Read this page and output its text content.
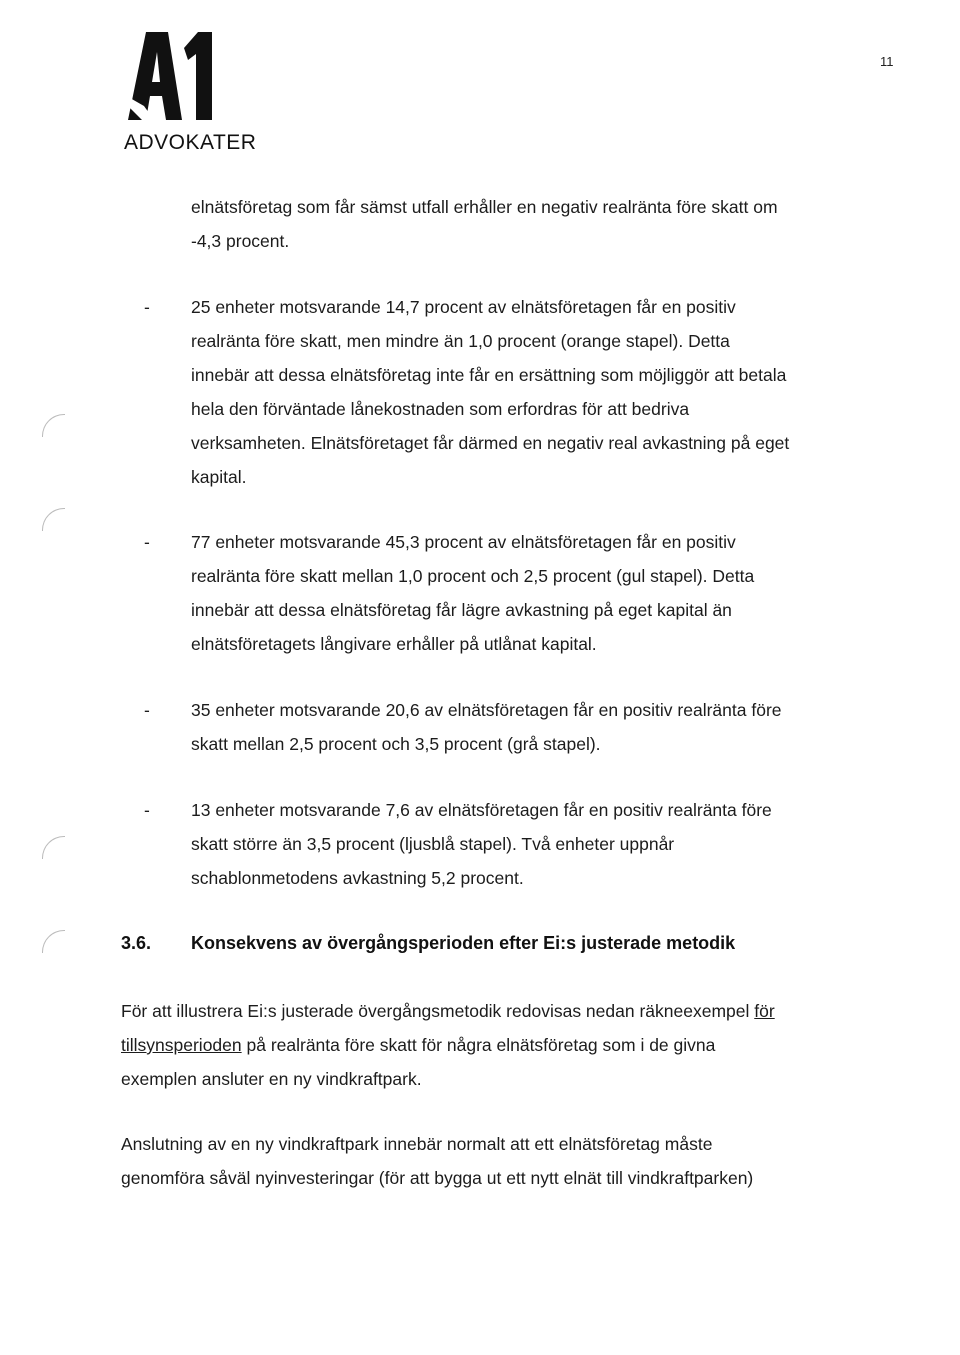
ADVOKATER
11
elnätsföretag som får sämst utfall erhåller en negativ realränta före skatt om
-4,3 procent.
- 25 enheter motsvarande 14,7 procent av elnätsföretagen får en positiv
realränta före skatt, men mindre än 1,0 procent (orange stapel). Detta
innebär att dessa elnätsföretag inte får en ersättning som möjliggör att betala
hela den förväntade lånekostnaden som erfordras för att bedriva
verksamheten. Elnätsföretaget får därmed en negativ real avkastning på eget
kapital.
- 77 enheter motsvarande 45,3 procent av elnätsföretagen får en positiv
realränta före skatt mellan 1,0 procent och 2,5 procent (gul stapel). Detta
innebär att dessa elnätsföretag får lägre avkastning på eget kapital än
elnätsföretagets långivare erhåller på utlånat kapital.
- 35 enheter motsvarande 20,6 av elnätsföretagen får en positiv realränta före
skatt mellan 2,5 procent och 3,5 procent (grå stapel).
- 13 enheter motsvarande 7,6 av elnätsföretagen får en positiv realränta före
skatt större än 3,5 procent (ljusblå stapel). Två enheter uppnår
schablonmetodens avkastning 5,2 procent.
3.6. Konsekvens av övergångsperioden efter Ei:s justerade metodik
För att illustrera Ei:s justerade övergångsmetodik redovisas nedan räkneexempel för
tillsynsperioden på realränta före skatt för några elnätsföretag som i de givna
exemplen ansluter en ny vindkraftpark.
Anslutning av en ny vindkraftpark innebär normalt att ett elnätsföretag måste
genomföra såväl nyinvesteringar (för att bygga ut ett nytt elnät till vindkraftparken)
